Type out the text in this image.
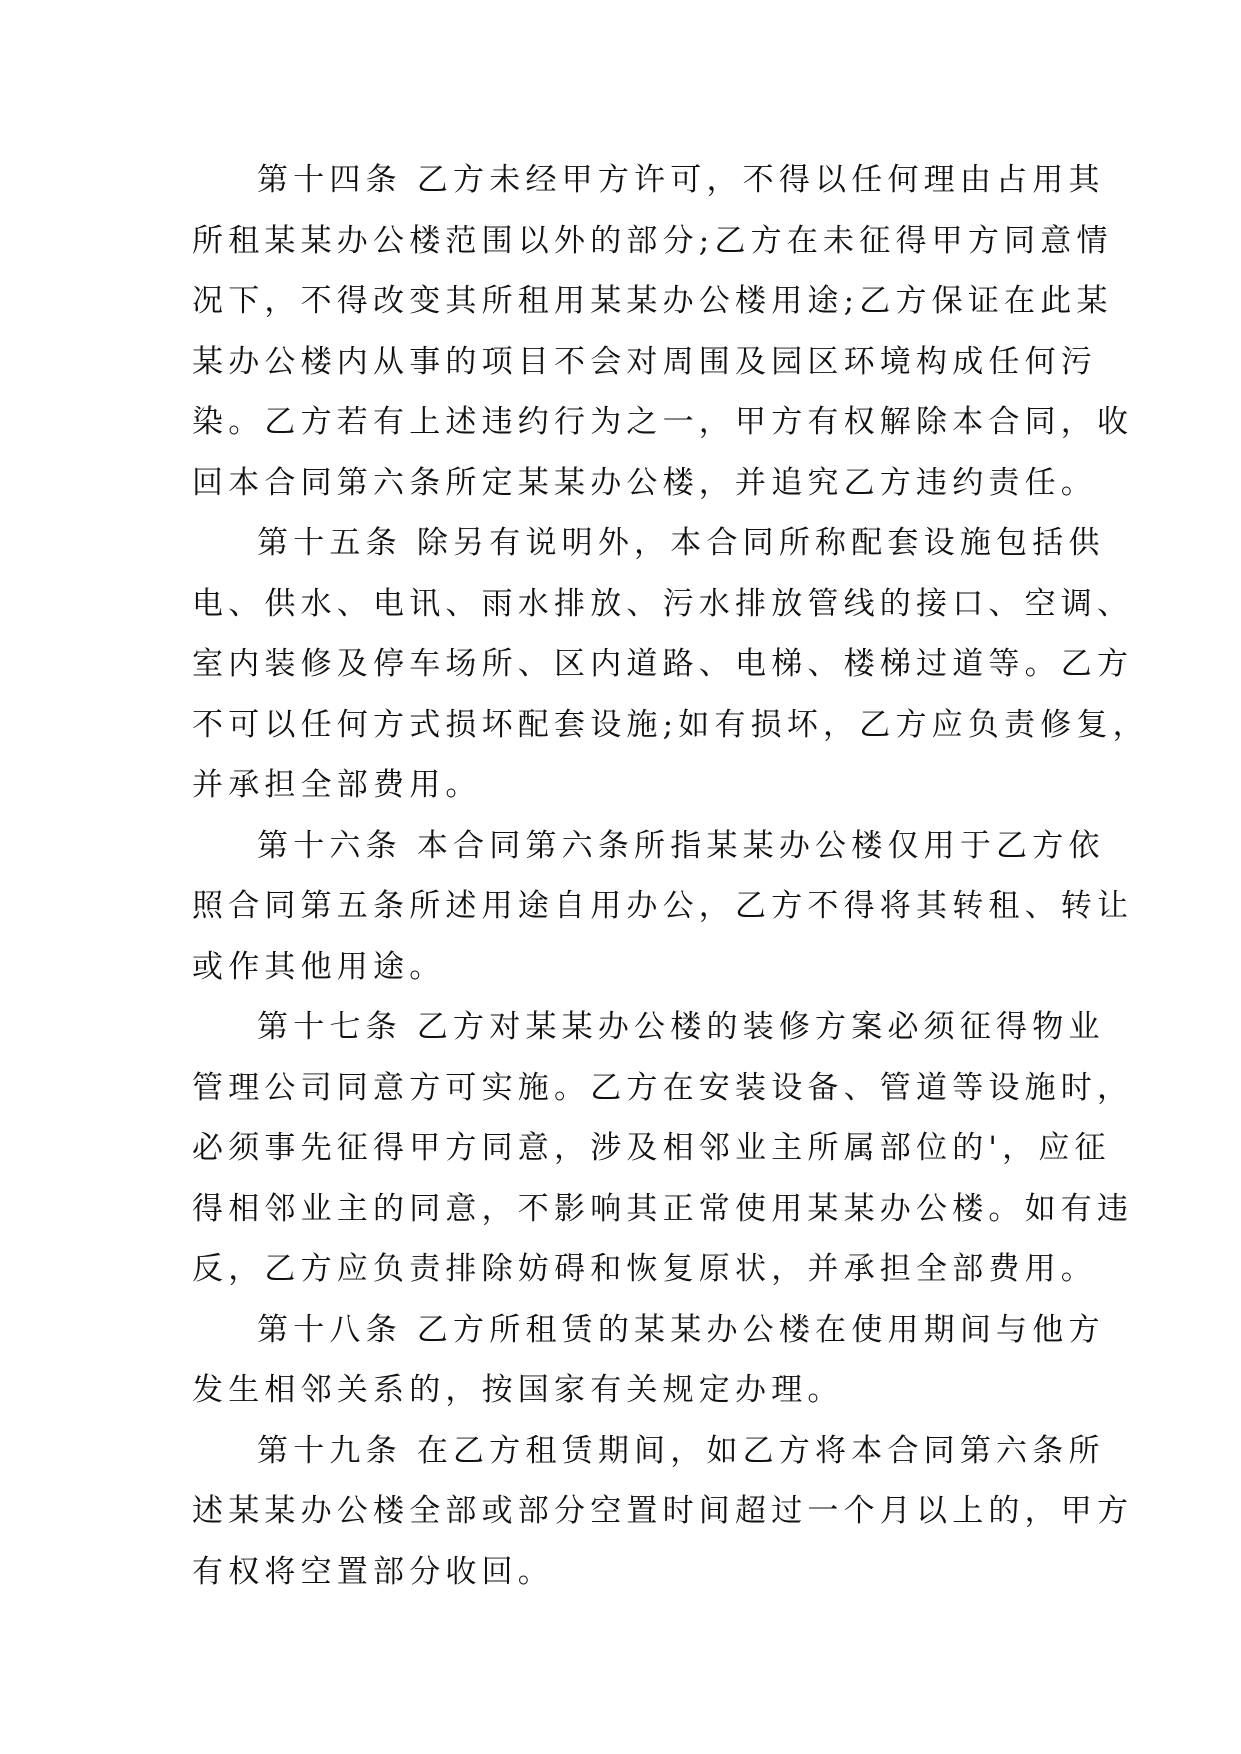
第十四条 乙方未经甲方许可，不得以任何理由占用其
所租某某办公楼范围以外的部分;乙方在未征得甲方同意情
况下，不得改变其所租用某某办公楼用途;乙方保证在此某
某办公楼内从事的项目不会对周围及园区环境构成任何污
染。乙方若有上述违约行为之一，甲方有权解除本合同，收
回本合同第六条所定某某办公楼，并追究乙方违约责任。
第十五条 除另有说明外，本合同所称配套设施包括供
电、供水、电讯、雨水排放、污水排放管线的接口、空调、
室内装修及停车场所、区内道路、电梯、楼梯过道等。乙方
不可以任何方式损坏配套设施;如有损坏，乙方应负责修复，
并承担全部费用。
第十六条 本合同第六条所指某某办公楼仅用于乙方依
照合同第五条所述用途自用办公，乙方不得将其转租、转让
或作其他用途。
第十七条 乙方对某某办公楼的装修方案必须征得物业
管理公司同意方可实施。乙方在安装设备、管道等设施时，
必须事先征得甲方同意，涉及相邻业主所属部位的'，应征
得相邻业主的同意，不影响其正常使用某某办公楼。如有违
反，乙方应负责排除妨碍和恢复原状，并承担全部费用。
第十八条 乙方所租赁的某某办公楼在使用期间与他方
发生相邻关系的，按国家有关规定办理。
第十九条 在乙方租赁期间，如乙方将本合同第六条所
述某某办公楼全部或部分空置时间超过一个月以上的，甲方
有权将空置部分收回。
